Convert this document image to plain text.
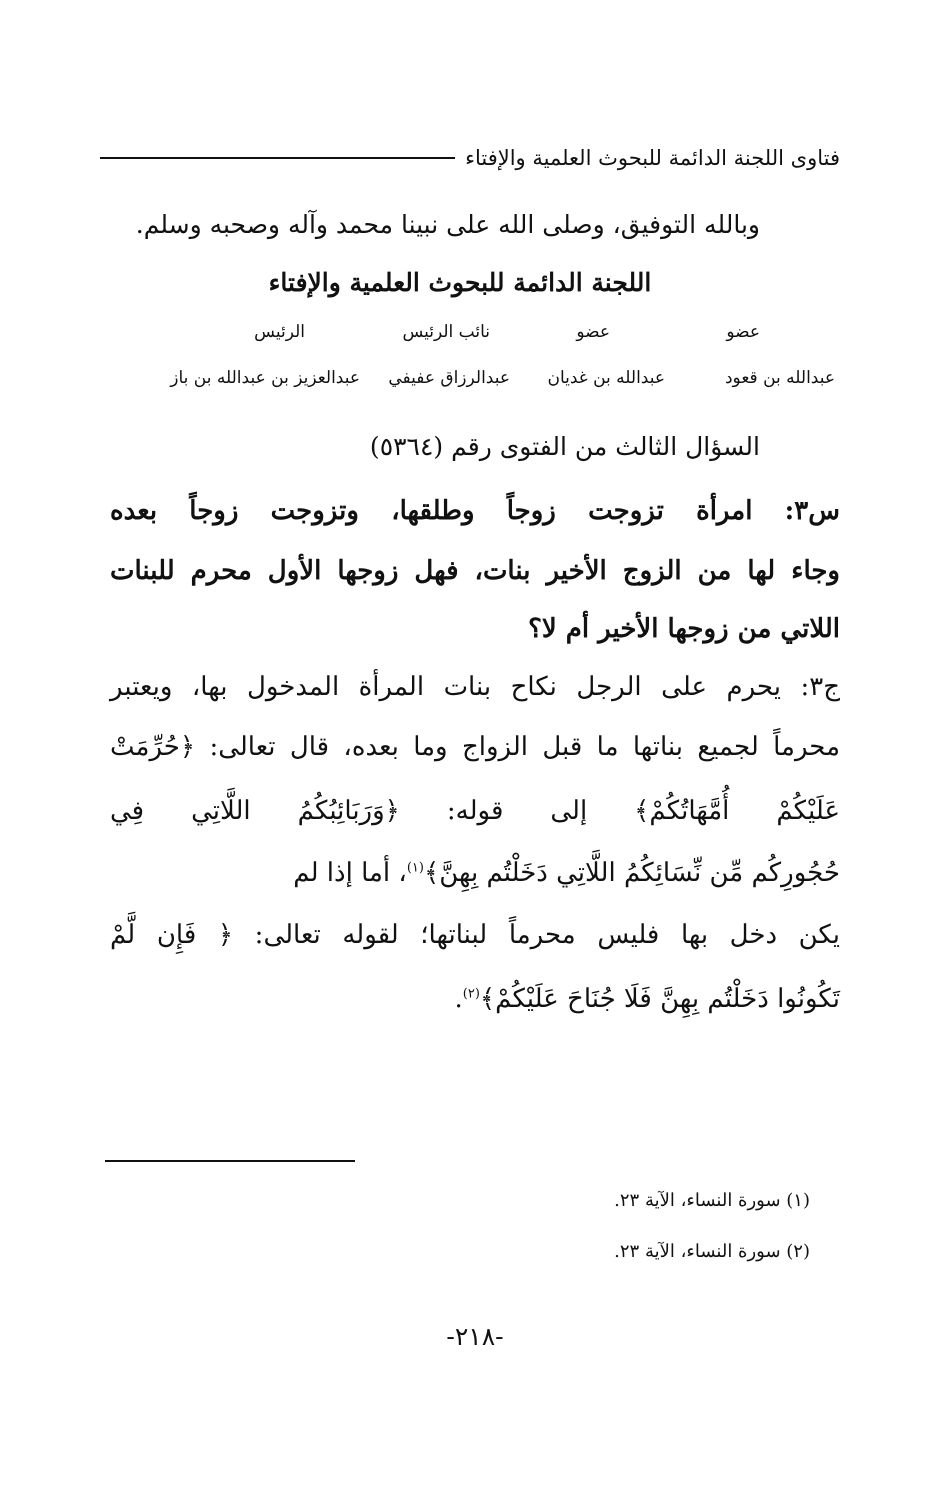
فتاوى اللجنة الدائمة للبحوث العلمية والإفتاء
وبالله التوفيق، وصلى الله على نبينا محمد وآله وصحبه وسلم.
اللجنة الدائمة للبحوث العلمية والإفتاء
عضو
عضو
نائب الرئيس
الرئيس
عبدالله بن قعود
عبدالله بن غديان
عبدالرزاق عفيفي
عبدالعزيز بن عبدالله بن باز
السؤال الثالث من الفتوى رقم (٥٣٦٤)
س٣: امرأة تزوجت زوجاً وطلقها، وتزوجت زوجاً بعده
وجاء لها من الزوج الأخير بنات، فهل زوجها الأول محرم للبنات
اللاتي من زوجها الأخير أم لا؟
ج٣: يحرم على الرجل نكاح بنات المرأة المدخول بها، ويعتبر
محرماً لجميع بناتها ما قبل الزواج وما بعده، قال تعالى: ﴿حُرِّمَتْ
عَلَيْكُمْ أُمَّهَاتُكُمْ﴾ إلى قوله: ﴿وَرَبَائِبُكُمُ اللَّاتِي فِي
حُجُورِكُم مِّن نِّسَائِكُمُ اللَّاتِي دَخَلْتُم بِهِنَّ﴾$^{(١)}$، أما إذا لم
يكن دخل بها فليس محرماً لبناتها؛ لقوله تعالى: ﴿ فَإِن لَّمْ
تَكُونُوا دَخَلْتُم بِهِنَّ فَلَا جُنَاحَ عَلَيْكُمْ﴾$^{(٢)}$.
(١) سورة النساء، الآية ٢٣.
(٢) سورة النساء، الآية ٢٣.
-٢١٨-
